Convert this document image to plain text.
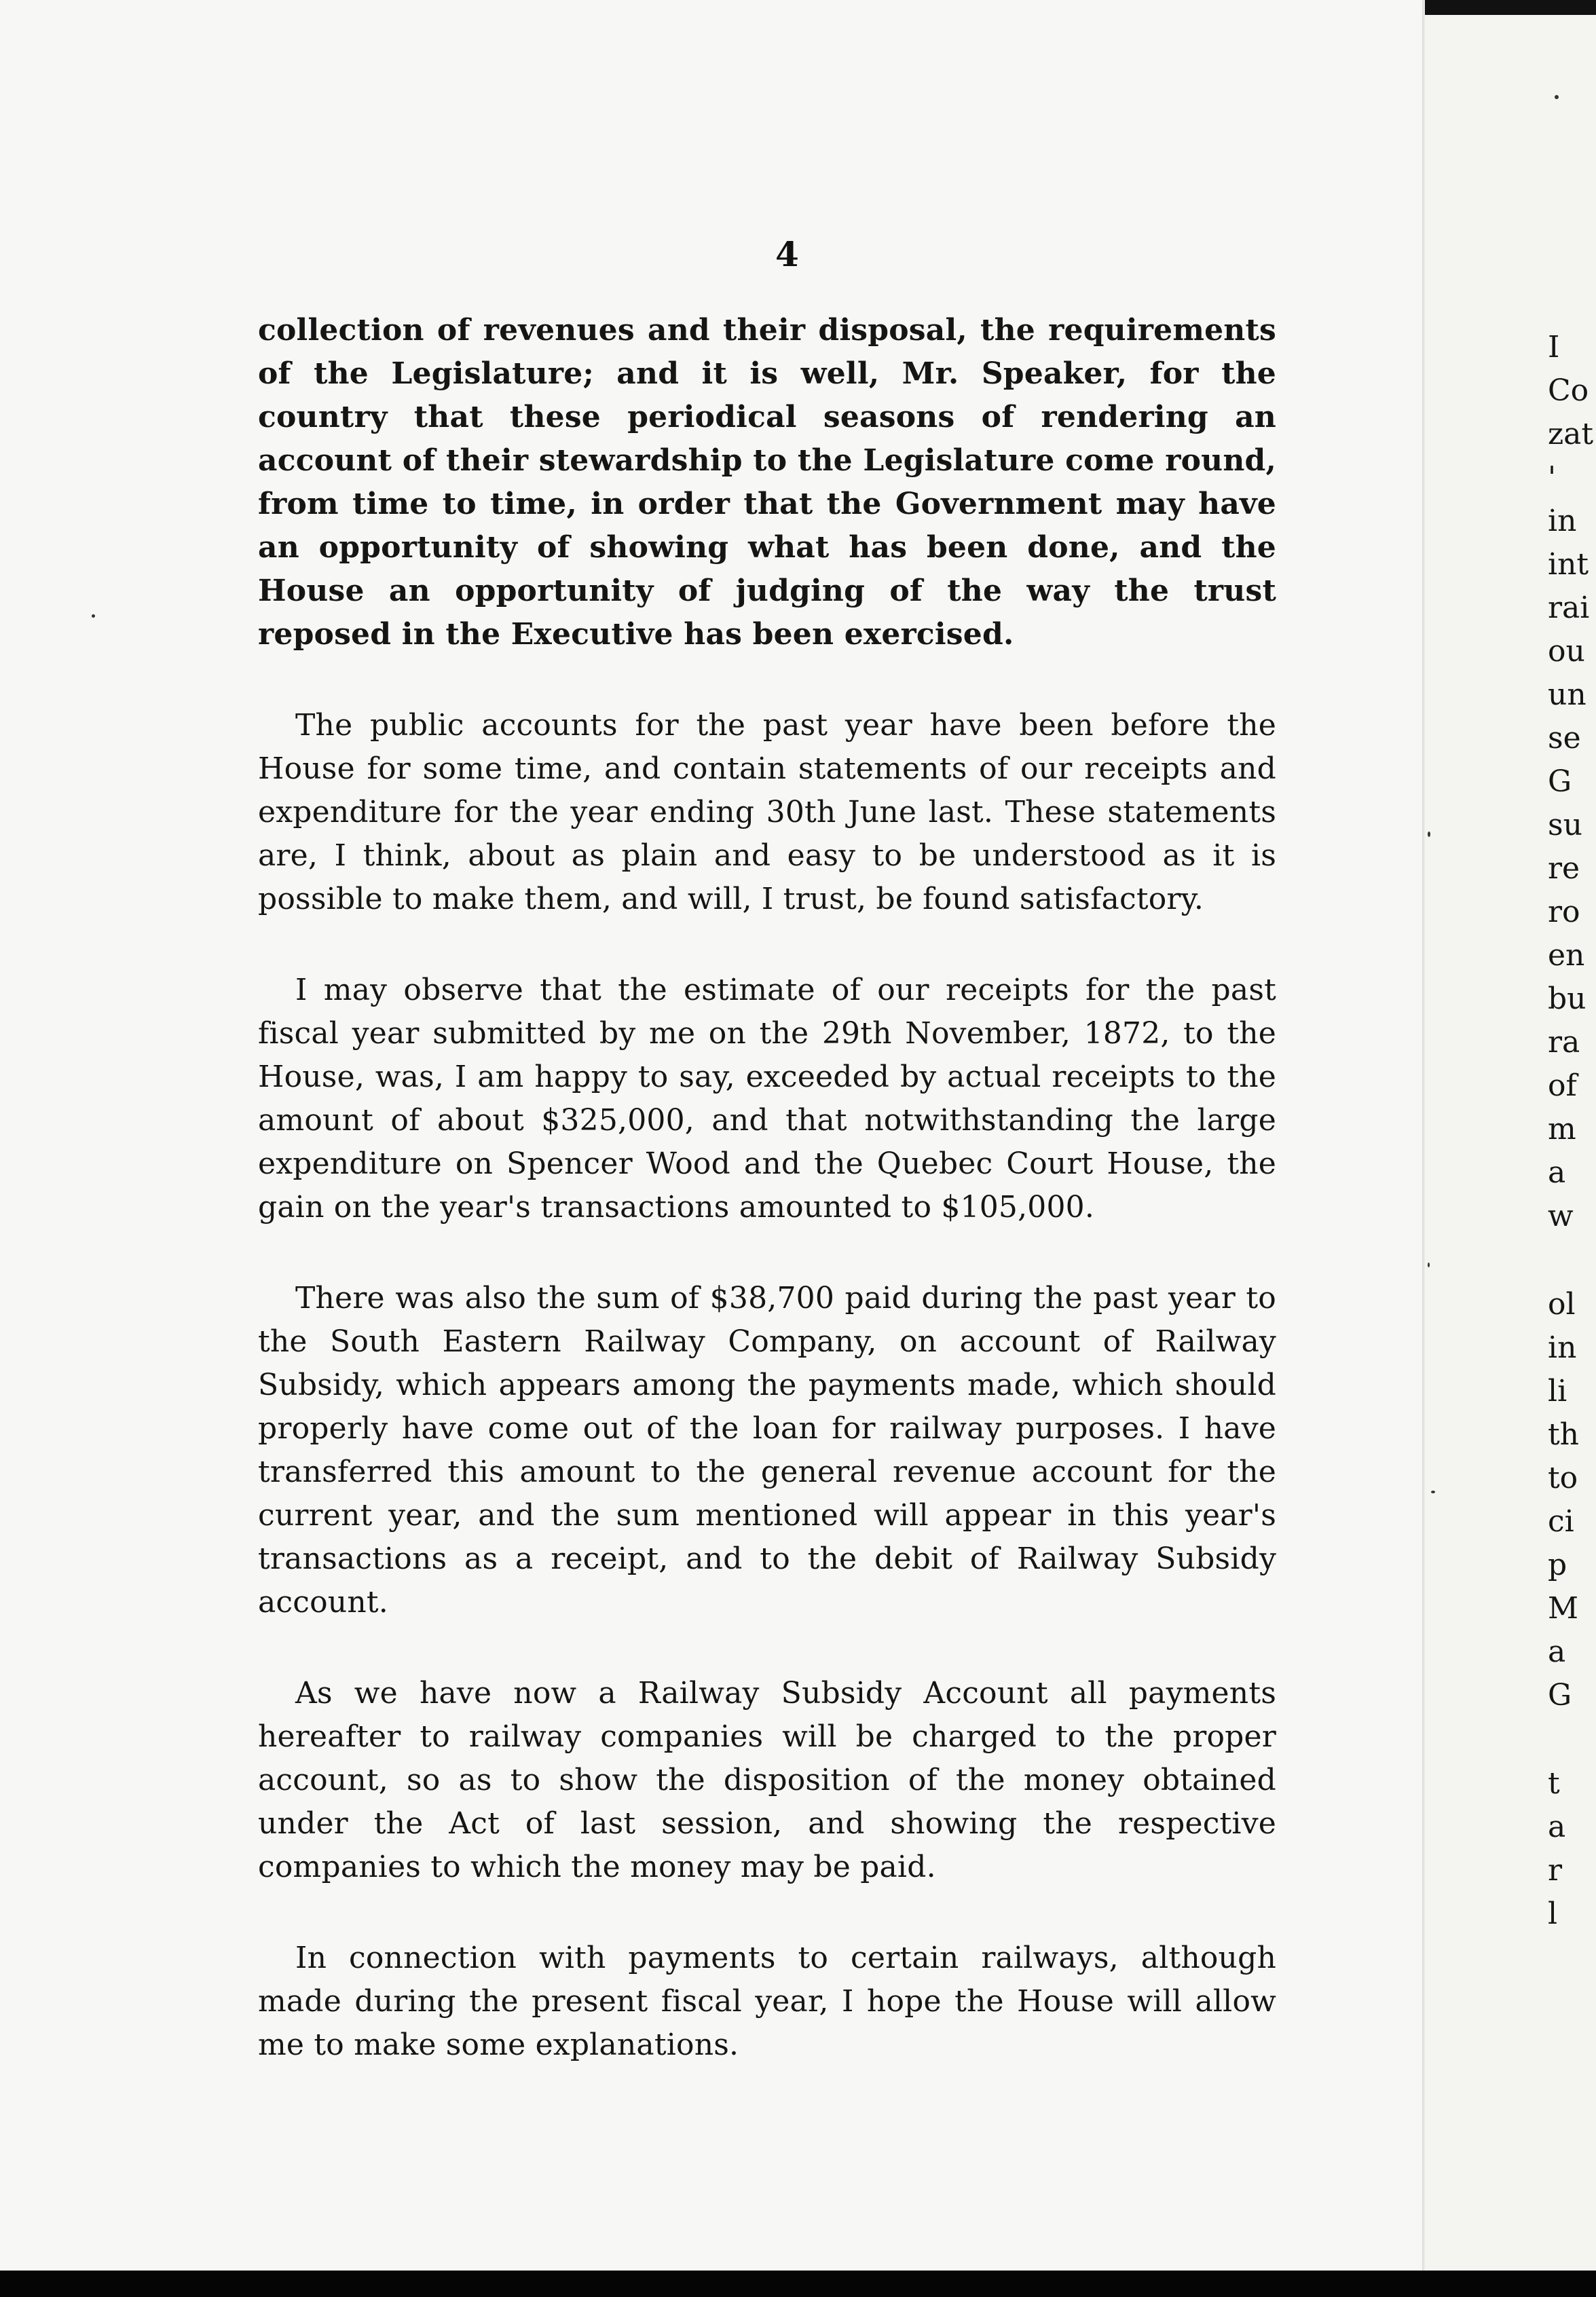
4

collection of revenues and their disposal, the requirements of the Legislature; and it is well, Mr. Speaker, for the country that these periodical seasons of rendering an account of their stewardship to the Legislature come round, from time to time, in order that the Government may have an opportunity of showing what has been done, and the House an opportunity of judging of the way the trust reposed in the Executive has been exercised.

The public accounts for the past year have been before the House for some time, and contain statements of our receipts and expenditure for the year ending 30th June last. These statements are, I think, about as plain and easy to be understood as it is possible to make them, and will, I trust, be found satisfactory.

I may observe that the estimate of our receipts for the past fiscal year submitted by me on the 29th November, 1872, to the House, was, I am happy to say, exceeded by actual receipts to the amount of about $325,000, and that notwithstanding the large expenditure on Spencer Wood and the Quebec Court House, the gain on the year's transactions amounted to $105,000.

There was also the sum of $38,700 paid during the past year to the South Eastern Railway Company, on account of Railway Subsidy, which appears among the payments made, which should properly have come out of the loan for railway purposes. I have transferred this amount to the general revenue account for the current year, and the sum mentioned will appear in this year's transactions as a receipt, and to the debit of Railway Subsidy account.

As we have now a Railway Subsidy Account all payments hereafter to railway companies will be charged to the proper account, so as to show the disposition of the money obtained under the Act of last session, and showing the respective companies to which the money may be paid.

In connection with payments to certain railways, although made during the present fiscal year, I hope the House will allow me to make some explanations.

I
Co
zat
'
in
int
rai
ou
un
se
G
su
re
ro
en
bu
ra
of
m
a
w
ol
in
li
th
to
ci
p
M
a
G
t
a
r
l
